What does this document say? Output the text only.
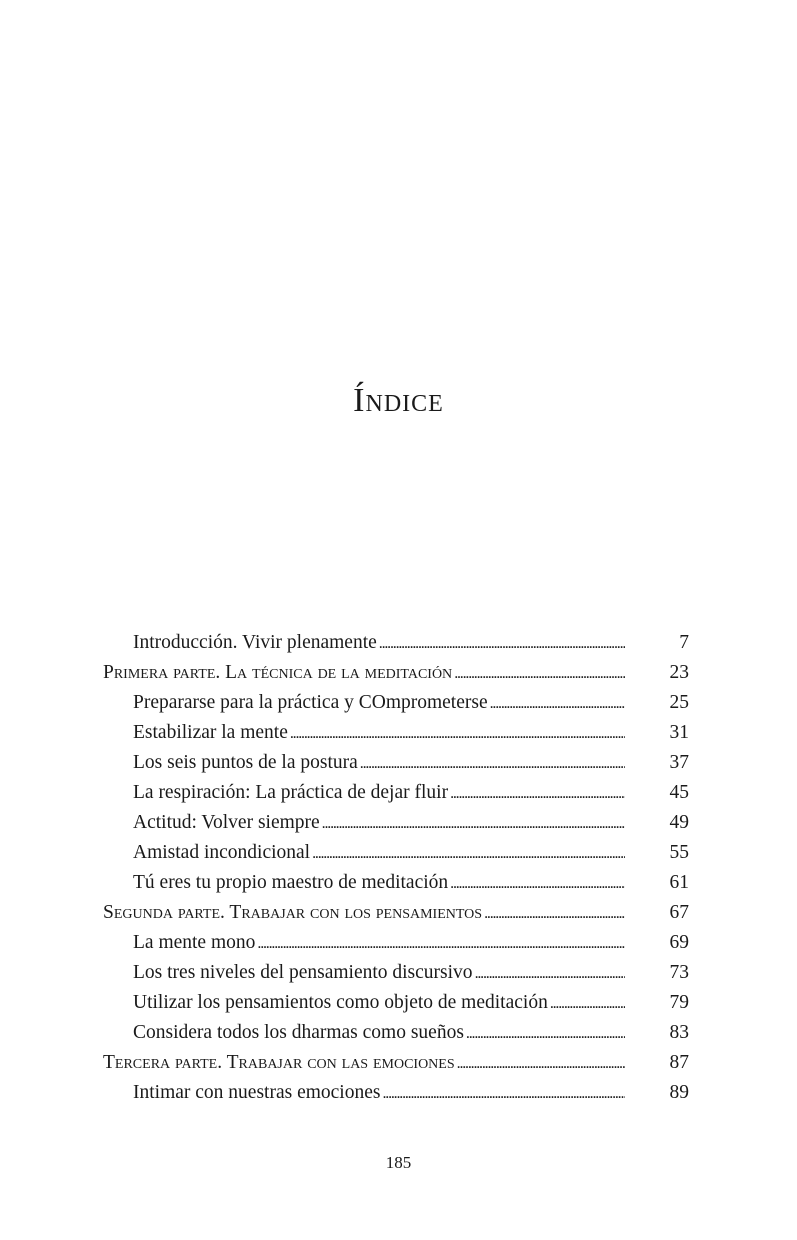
Índice
Introducción. Vivir plenamente . . .	7
Primera parte. La técnica de la meditación . . .	23
Prepararse para la práctica y COmprometerse . . .	25
Estabilizar la mente . . .	31
Los seis puntos de la postura . . .	37
La respiración: La práctica de dejar fluir . . .	45
Actitud: Volver siempre . . .	49
Amistad incondicional . . .	55
Tú eres tu propio maestro de meditación . . .	61
Segunda parte. Trabajar con los pensamientos . . .	67
La mente mono . . .	69
Los tres niveles del pensamiento discursivo . . .	73
Utilizar los pensamientos como objeto de meditación . . .	79
Considera todos los dharmas como sueños . . .	83
Tercera parte. Trabajar con las emociones . . .	87
Intimar con nuestras emociones . . .	89
185
